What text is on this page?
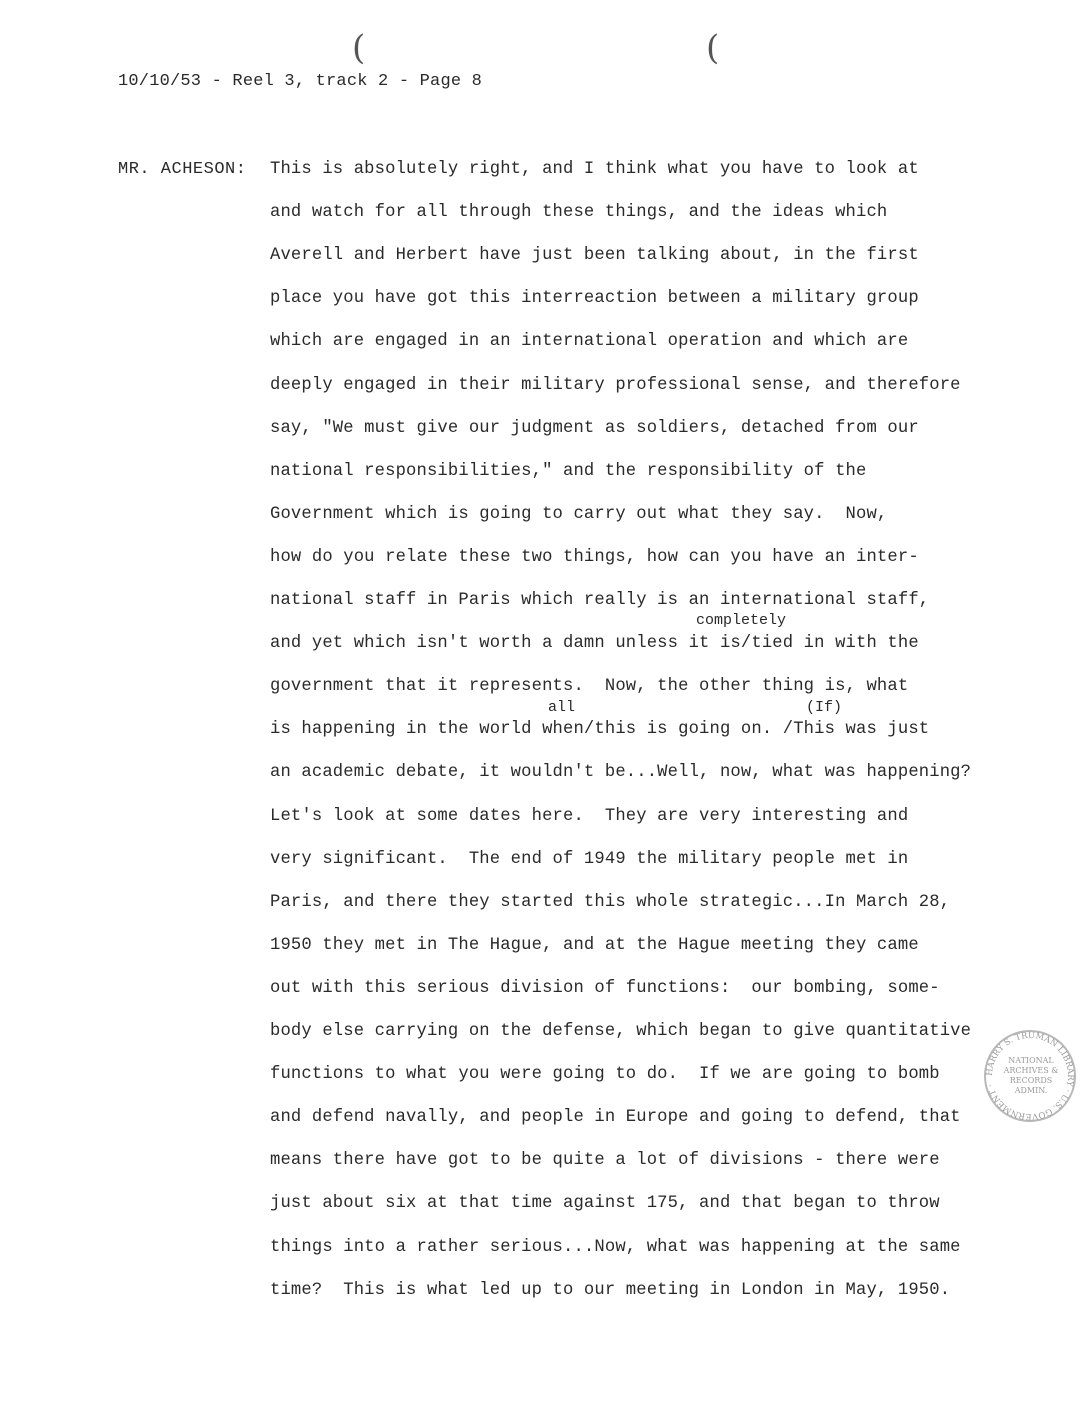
(	(
10/10/53 - Reel 3, track 2 - Page 8
MR. ACHESON: This is absolutely right, and I think what you have to look at
and watch for all through these things, and the ideas which
Averell and Herbert have just been talking about, in the first
place you have got this interreaction between a military group
which are engaged in an international operation and which are
deeply engaged in their military professional sense, and therefore
say, "We must give our judgment as soldiers, detached from our
national responsibilities," and the responsibility of the
Government which is going to carry out what they say.  Now,
how do you relate these two things, how can you have an inter-
national staff in Paris which really is an international staff,
and yet which isn't worth a damn unless it is/tied in with the
government that it represents.  Now, the other thing is, what
is happening in the world when/this is going on. /This was just
an academic debate, it wouldn't be...Well, now, what was happening?
Let's look at some dates here.  They are very interesting and
very significant.  The end of 1949 the military people met in
Paris, and there they started this whole strategic...In March 28,
1950 they met in The Hague, and at the Hague meeting they came
out with this serious division of functions:  our bombing, some-
body else carrying on the defense, which began to give quantitative
functions to what you were going to do.  If we are going to bomb
and defend navally, and people in Europe and going to defend, that
means there have got to be quite a lot of divisions - there were
just about six at that time against 175, and that began to throw
things into a rather serious...Now, what was happening at the same
time?  This is what led up to our meeting in London in May, 1950.
completely
all	(If)
HARRY S. TRUMAN LIBRARY · U.S. GOVERNMENT ·
NATIONAL ARCHIVES & RECORDS ADMIN.
